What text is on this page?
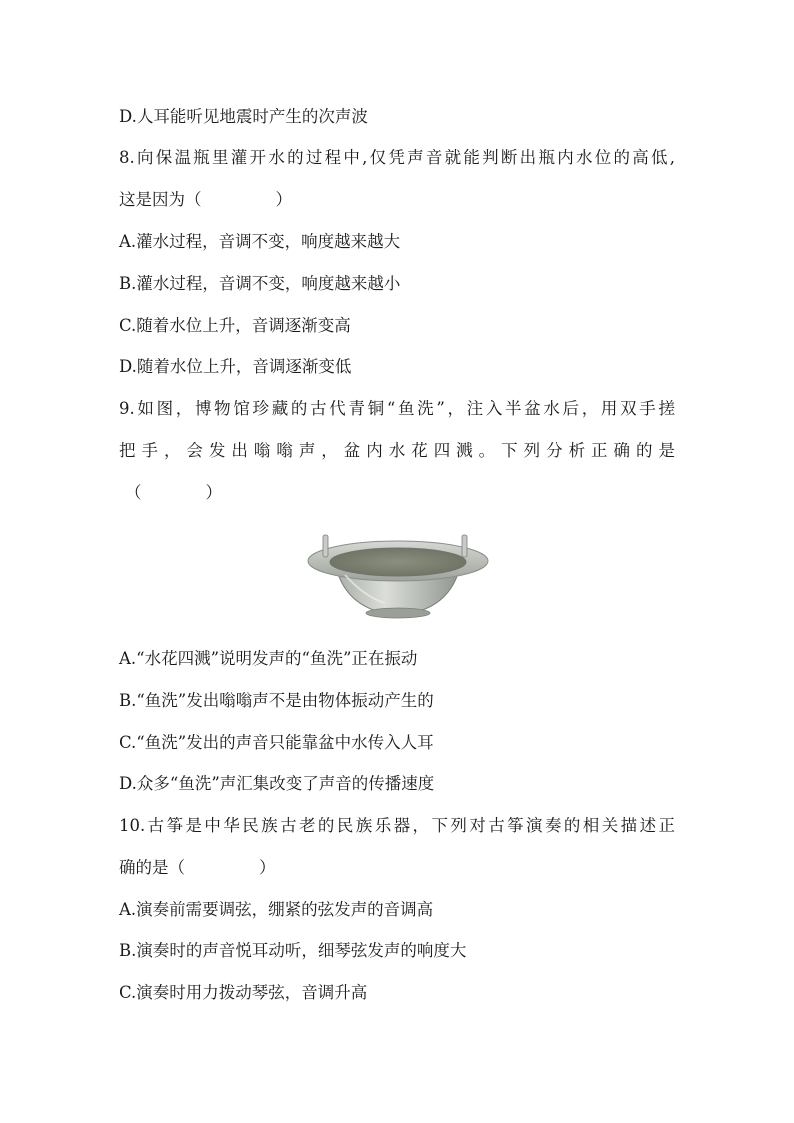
D.人耳能听见地震时产生的次声波
8.向保温瓶里灌开水的过程中,仅凭声音就能判断出瓶内水位的高低,
这是因为（	）
A.灌水过程，音调不变，响度越来越大
B.灌水过程，音调不变，响度越来越小
C.随着水位上升，音调逐渐变高
D.随着水位上升，音调逐渐变低
9.如图，博物馆珍藏的古代青铜“鱼洗”，注入半盆水后，用双手搓
把手，会发出嗡嗡声，盆内水花四溅。下列分析正确的是
（	）
A.“水花四溅”说明发声的“鱼洗”正在振动
B.“鱼洗”发出嗡嗡声不是由物体振动产生的
C.“鱼洗”发出的声音只能靠盆中水传入人耳
D.众多“鱼洗”声汇集改变了声音的传播速度
10.古筝是中华民族古老的民族乐器，下列对古筝演奏的相关描述正
确的是（	）
A.演奏前需要调弦，绷紧的弦发声的音调高
B.演奏时的声音悦耳动听，细琴弦发声的响度大
C.演奏时用力拨动琴弦，音调升高
